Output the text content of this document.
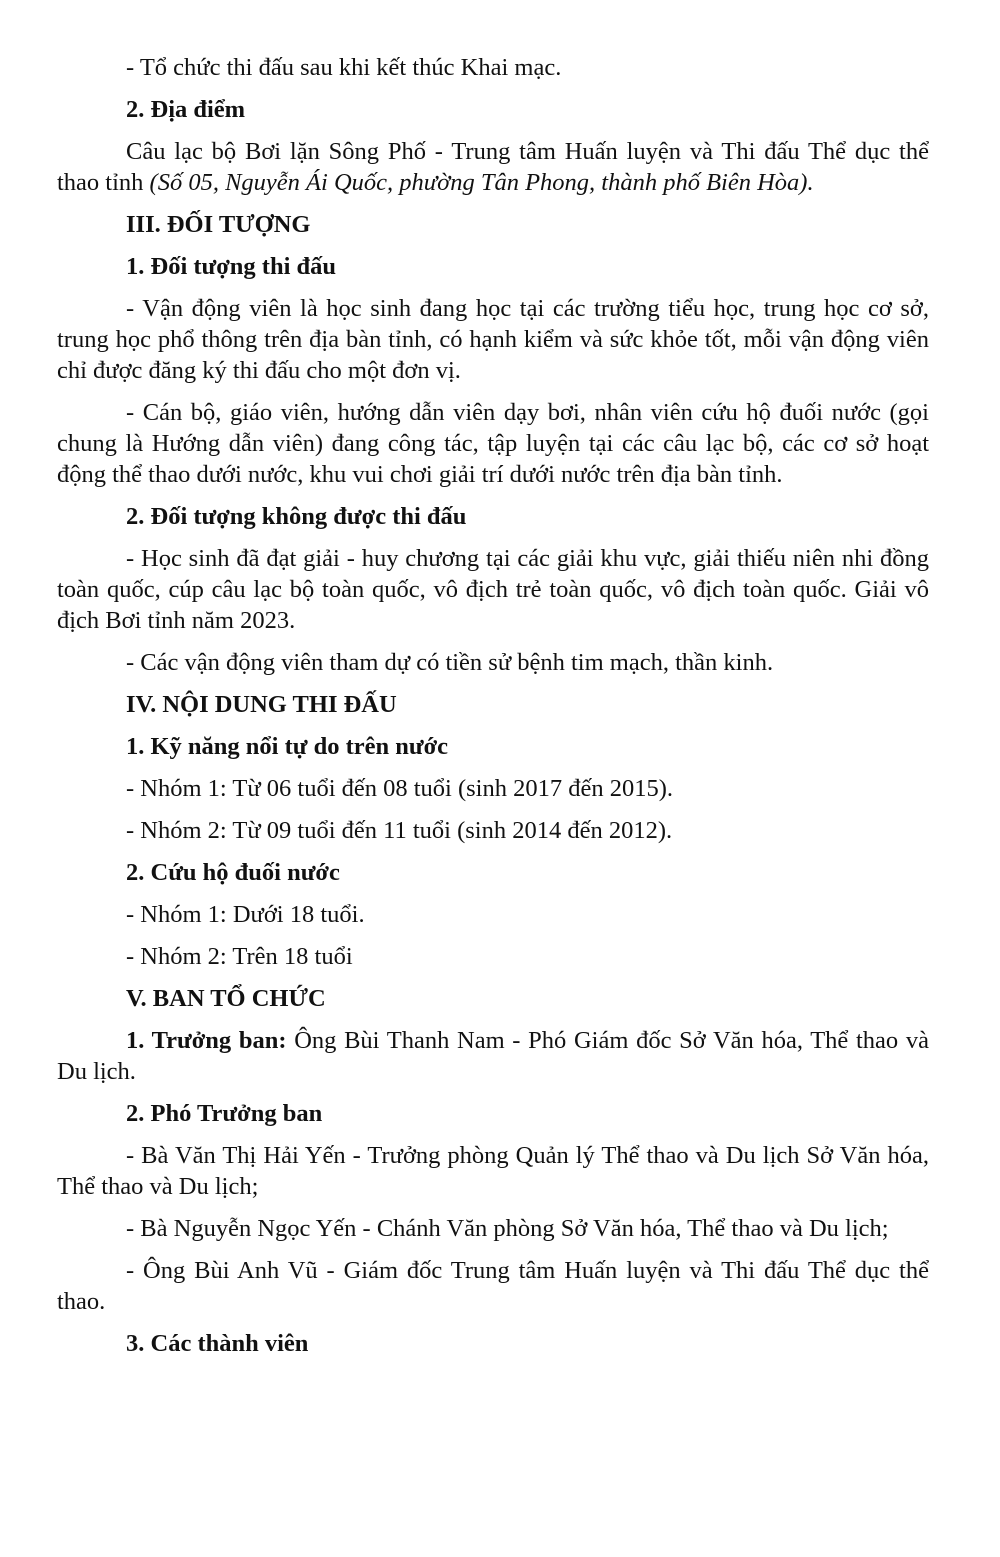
- Tổ chức thi đấu sau khi kết thúc Khai mạc.

2. Địa điểm

Câu lạc bộ Bơi lặn Sông Phố - Trung tâm Huấn luyện và Thi đấu Thể dục thể thao tỉnh (Số 05, Nguyễn Ái Quốc, phường Tân Phong, thành phố Biên Hòa).

III. ĐỐI TƯỢNG

1. Đối tượng thi đấu

- Vận động viên là học sinh đang học tại các trường tiểu học, trung học cơ sở, trung học phổ thông trên địa bàn tỉnh, có hạnh kiểm và sức khỏe tốt, mỗi vận động viên chỉ được đăng ký thi đấu cho một đơn vị.

- Cán bộ, giáo viên, hướng dẫn viên dạy bơi, nhân viên cứu hộ đuối nước (gọi chung là Hướng dẫn viên) đang công tác, tập luyện tại các câu lạc bộ, các cơ sở hoạt động thể thao dưới nước, khu vui chơi giải trí dưới nước trên địa bàn tỉnh.

2. Đối tượng không được thi đấu

- Học sinh đã đạt giải - huy chương tại các giải khu vực, giải thiếu niên nhi đồng toàn quốc, cúp câu lạc bộ toàn quốc, vô địch trẻ toàn quốc, vô địch toàn quốc. Giải vô địch Bơi tỉnh năm 2023.

- Các vận động viên tham dự có tiền sử bệnh tim mạch, thần kinh.

IV. NỘI DUNG THI ĐẤU

1. Kỹ năng nổi tự do trên nước

- Nhóm 1: Từ 06 tuổi đến 08 tuổi (sinh 2017 đến 2015).

- Nhóm 2: Từ 09 tuổi đến 11 tuổi (sinh 2014 đến 2012).

2. Cứu hộ đuối nước

- Nhóm 1: Dưới 18 tuổi.

- Nhóm 2: Trên 18 tuổi

V. BAN TỔ CHỨC

1. Trưởng ban: Ông Bùi Thanh Nam - Phó Giám đốc Sở Văn hóa, Thể thao và Du lịch.

2. Phó Trưởng ban

- Bà Văn Thị Hải Yến - Trưởng phòng Quản lý Thể thao và Du lịch Sở Văn hóa, Thể thao và Du lịch;

- Bà Nguyễn Ngọc Yến - Chánh Văn phòng Sở Văn hóa, Thể thao và Du lịch;

- Ông Bùi Anh Vũ - Giám đốc Trung tâm Huấn luyện và Thi đấu Thể dục thể thao.

3. Các thành viên
